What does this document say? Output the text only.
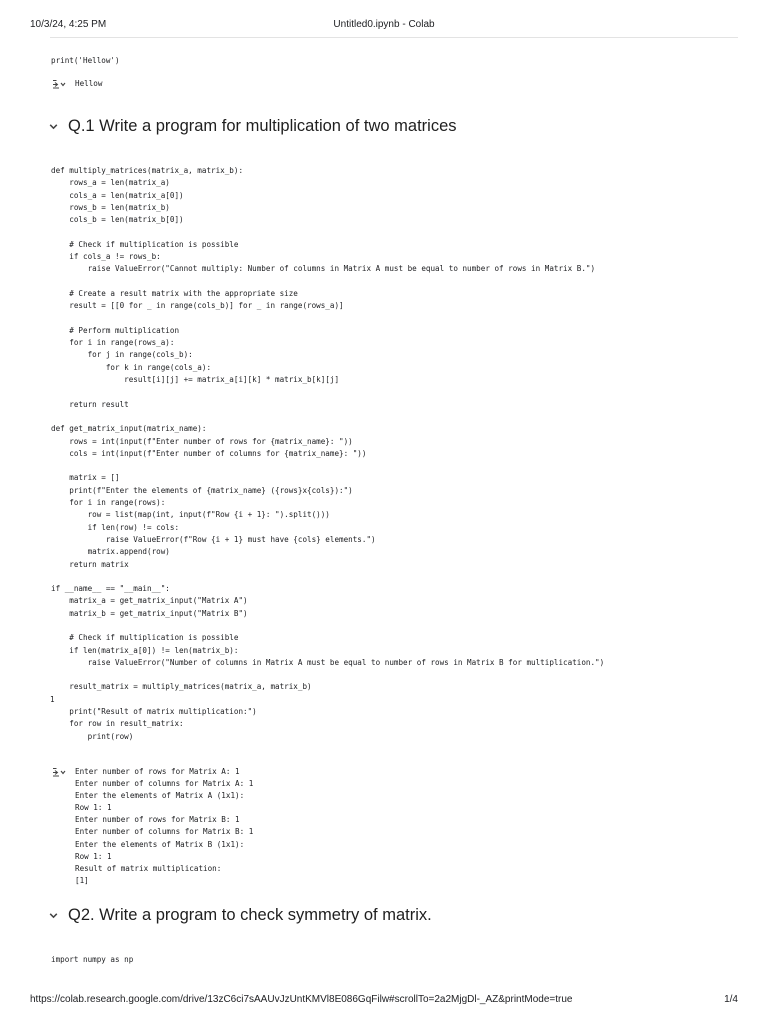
10/3/24, 4:25 PM	Untitled0.ipynb - Colab
print('Hellow')
Hellow
Q.1 Write a program for multiplication of two matrices
def multiply_matrices(matrix_a, matrix_b):
rows_a = len(matrix_a)
cols_a = len(matrix_a[0])
rows_b = len(matrix_b)
cols_b = len(matrix_b[0])

# Check if multiplication is possible
if cols_a != rows_b:
raise ValueError("Cannot multiply: Number of columns in Matrix A must be equal to number of rows in Matrix B.")

# Create a result matrix with the appropriate size
result = [[0 for _ in range(cols_b)] for _ in range(rows_a)]

# Perform multiplication
for i in range(rows_a):
for j in range(cols_b):
for k in range(cols_a):
result[i][j] += matrix_a[i][k] * matrix_b[k][j]

return result

def get_matrix_input(matrix_name):
rows = int(input(f"Enter number of rows for {matrix_name}: "))
cols = int(input(f"Enter number of columns for {matrix_name}: "))

matrix = []
print(f"Enter the elements of {matrix_name} ({rows}x{cols}):")
for i in range(rows):
row = list(map(int, input(f"Row {i + 1}: ").split()))
if len(row) != cols:
raise ValueError(f"Row {i + 1} must have {cols} elements.")
matrix.append(row)
return matrix

if __name__ == "__main__":
matrix_a = get_matrix_input("Matrix A")
matrix_b = get_matrix_input("Matrix B")

# Check if multiplication is possible
if len(matrix_a[0]) != len(matrix_b):
raise ValueError("Number of columns in Matrix A must be equal to number of rows in Matrix B for multiplication.")

result_matrix = multiply_matrices(matrix_a, matrix_b)

print("Result of matrix multiplication:")
for row in result_matrix:
print(row)
1
Enter number of rows for Matrix A: 1
Enter number of columns for Matrix A: 1
Enter the elements of Matrix A (1x1):
Row 1: 1
Enter number of rows for Matrix B: 1
Enter number of columns for Matrix B: 1
Enter the elements of Matrix B (1x1):
Row 1: 1
Result of matrix multiplication:
[1]
Q2. Write a program to check symmetry of matrix.
import numpy as np
https://colab.research.google.com/drive/13zC6ci7sAAUvJzUntKMVl8E086GqFilw#scrollTo=2a2MjgDl-_AZ&printMode=true	1/4
